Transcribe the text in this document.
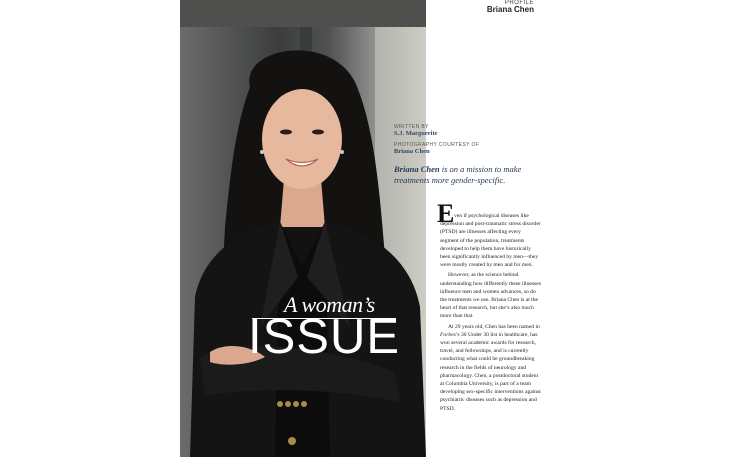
PROFILE
Briana Chen
WRITTEN BY
S.J. Marguerite
PHOTOGRAPHY COURTESY OF
Briana Chen
Briana Chen is on a mission to make treatments more gender-specific.
A woman’s
ISSUE
E ven if psychological diseases like depression and post-traumatic stress disorder (PTSD) are illnesses affecting every segment of the population, treatments developed to help them have historically been significantly influenced by men—they were mostly created by men and for men.

However, as the science behind understanding how differently these illnesses influence men and women advances, so do the treatments we use. Briana Chen is at the heart of that research, but she’s also much more than that.

At 29 years old, Chen has been named in Forbes’s 30 Under 30 list in healthcare, has won several academic awards for research, travel, and fellowships, and is currently conducting what could be groundbreaking research in the fields of neurology and pharmacology. Chen, a postdoctoral student at Columbia University, is part of a team developing sex-specific interventions against psychiatric diseases such as depression and PTSD.
